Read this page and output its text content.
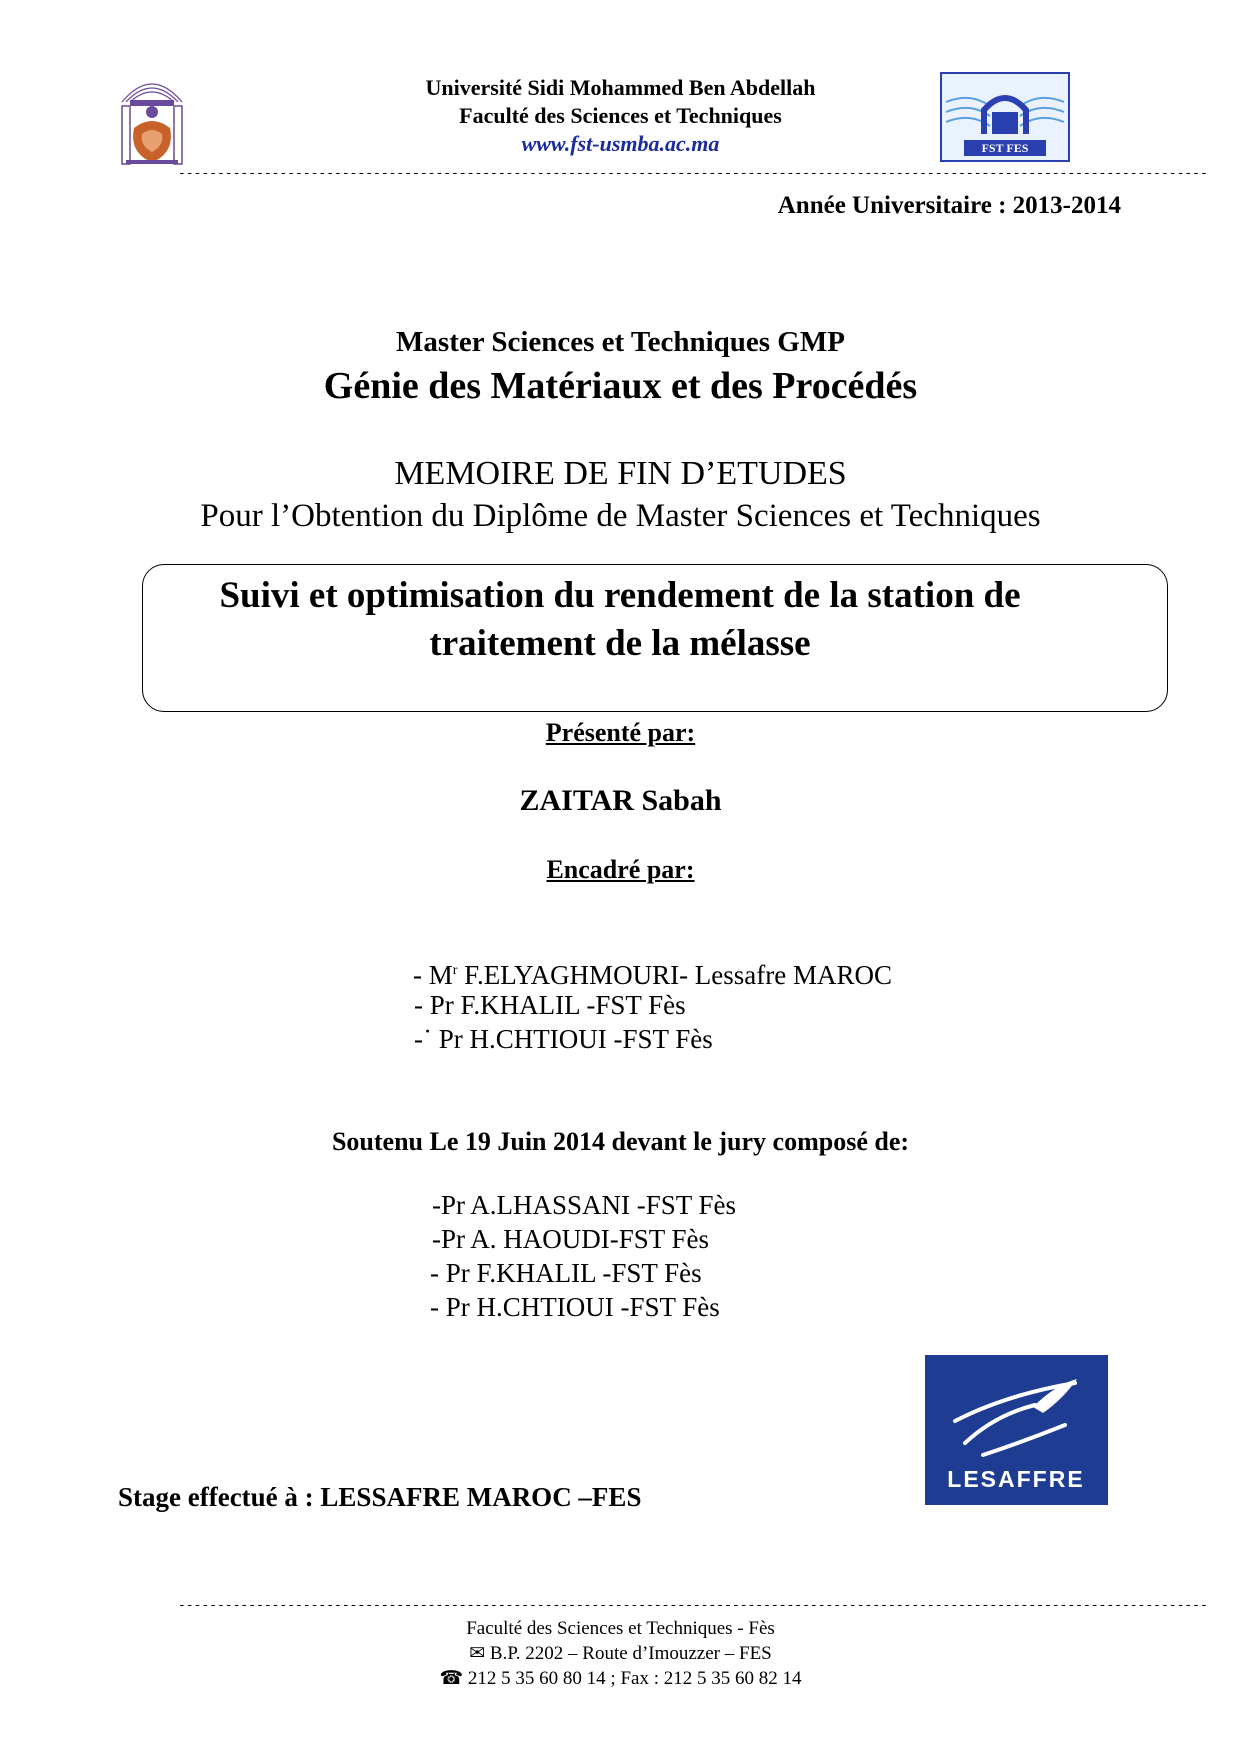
Université Sidi Mohammed Ben Abdellah
Faculté des Sciences et Techniques
www.fst-usmba.ac.ma	FST FES
------------------------------------------------------------------------------------------------------------------------------------
Année Universitaire : 2013-2014
Master Sciences et Techniques GMP
Génie des Matériaux et des Procédés
MEMOIRE DE FIN D’ETUDES
Pour l’Obtention du Diplôme de Master Sciences et Techniques
Suivi et optimisation du rendement de la station de
traitement de la mélasse
Présenté par:
ZAITAR Sabah
Encadré par:
- $M^r$ F.ELYAGHMOURI- Lessafre MAROC
- Pr F.KHALIL -FST Fès
-˙ Pr H.CHTIOUI -FST Fès
Soutenu Le 19 Juin 2014 devant le jury composé de:
-Pr A.LHASSANI -FST Fès
-Pr A. HAOUDI-FST Fès
- Pr F.KHALIL -FST Fès
- Pr H.CHTIOUI -FST Fès
LESAFFRE
Stage effectué à : LESSAFRE MAROC –FES
------------------------------------------------------------------------------------------------------------------------------------
Faculté des Sciences et Techniques - Fès
✉ B.P. 2202 – Route d’Imouzzer – FES
☎ 212 5 35 60 80 14 ; Fax : 212 5 35 60 82 14
